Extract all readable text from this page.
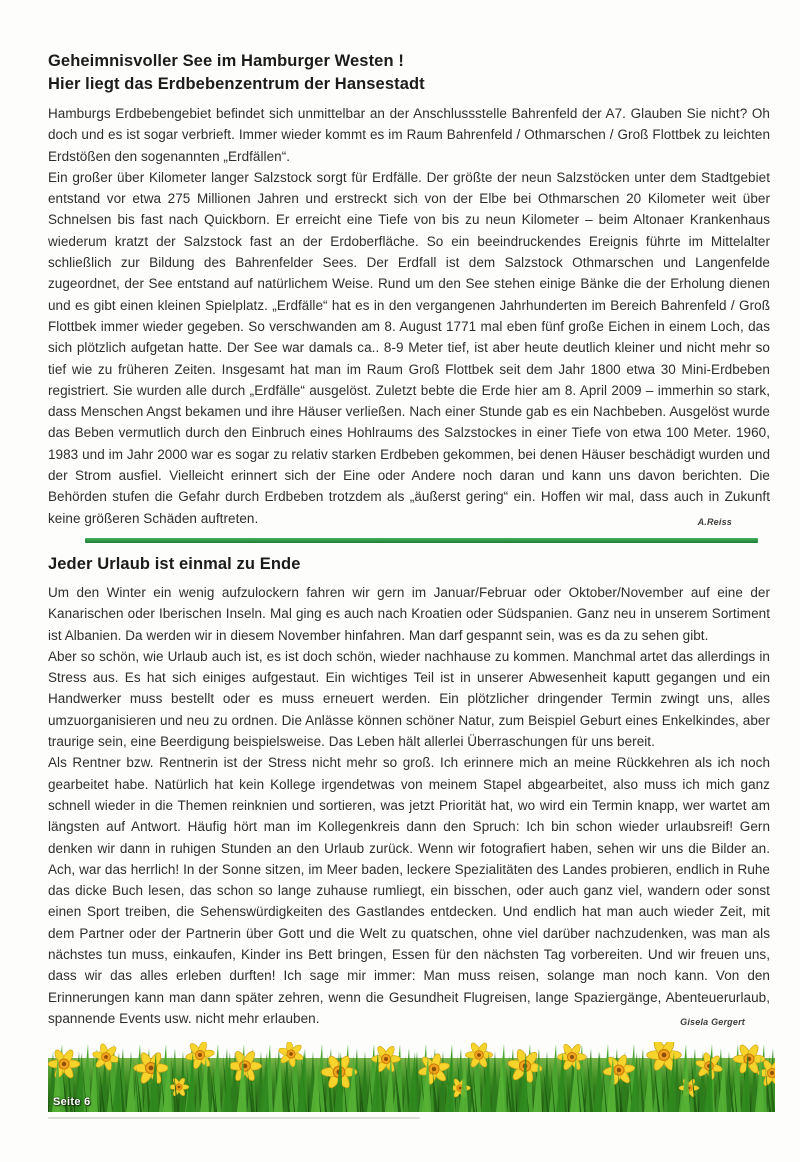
Geheimnisvoller See im Hamburger Westen !
Hier liegt das Erdbebenzentrum der Hansestadt

Hamburgs Erdbebengebiet befindet sich unmittelbar an der Anschlussstelle Bahrenfeld der A7. Glauben Sie nicht? Oh doch und es ist sogar verbrieft. Immer wieder kommt es im Raum Bahrenfeld / Othmarschen / Groß Flottbek zu leichten Erdstößen den sogenannten „Erdfällen“.

Ein großer über Kilometer langer Salzstock sorgt für Erdfälle. Der größte der neun Salzstöcken unter dem Stadtgebiet entstand vor etwa 275 Millionen Jahren und erstreckt sich von der Elbe bei Othmarschen 20 Kilometer weit über Schnelsen bis fast nach Quickborn. Er erreicht eine Tiefe von bis zu neun Kilometer – beim Altonaer Krankenhaus wiederum kratzt der Salzstock fast an der Erdoberfläche. So ein beeindruckendes Ereignis führte im Mittelalter schließlich zur Bildung des Bahrenfelder Sees. Der Erdfall ist dem Salzstock Othmarschen und Langenfelde zugeordnet, der See entstand auf natürlichem Weise. Rund um den See stehen einige Bänke die der Erholung dienen und es gibt einen kleinen Spielplatz. „Erdfälle“ hat es in den vergangenen Jahrhunderten im Bereich Bahrenfeld / Groß Flottbek immer wieder gegeben. So verschwanden am 8. August 1771 mal eben fünf große Eichen in einem Loch, das sich plötzlich aufgetan hatte. Der See war damals ca.. 8-9 Meter tief, ist aber heute deutlich kleiner und nicht mehr so tief wie zu früheren Zeiten. Insgesamt hat man im Raum Groß Flottbek seit dem Jahr 1800 etwa 30 Mini-Erdbeben registriert. Sie wurden alle durch „Erdfälle“ ausgelöst. Zuletzt bebte die Erde hier am 8. April 2009 – immerhin so stark, dass Menschen Angst bekamen und ihre Häuser verließen. Nach einer Stunde gab es ein Nachbeben. Ausgelöst wurde das Beben vermutlich durch den Einbruch eines Hohlraums des Salzstockes in einer Tiefe von etwa 100 Meter. 1960, 1983 und im Jahr 2000 war es sogar zu relativ starken Erdbeben gekommen, bei denen Häuser beschädigt wurden und der Strom ausfiel. Vielleicht erinnert sich der Eine oder Andere noch daran und kann uns davon berichten. Die Behörden stufen die Gefahr durch Erdbeben trotzdem als „äußerst gering“ ein. Hoffen wir mal, dass auch in Zukunft keine größeren Schäden auftreten.	A.Reiss
Jeder Urlaub ist einmal zu Ende

Um den Winter ein wenig aufzulockern fahren wir gern im Januar/Februar oder Oktober/November auf eine der Kanarischen oder Iberischen Inseln. Mal ging es auch nach Kroatien oder Südspanien. Ganz neu in unserem Sortiment ist Albanien. Da werden wir in diesem November hinfahren. Man darf gespannt sein, was es da zu sehen gibt.

Aber so schön, wie Urlaub auch ist, es ist doch schön, wieder nachhause zu kommen. Manchmal artet das allerdings in Stress aus. Es hat sich einiges aufgestaut. Ein wichtiges Teil ist in unserer Abwesenheit kaputt gegangen und ein Handwerker muss bestellt oder es muss erneuert werden. Ein plötzlicher dringender Termin zwingt uns, alles umzuorganisieren und neu zu ordnen. Die Anlässe können schöner Natur, zum Beispiel Geburt eines Enkelkindes, aber traurige sein, eine Beerdigung beispielsweise. Das Leben hält allerlei Überraschungen für uns bereit.

Als Rentner bzw. Rentnerin ist der Stress nicht mehr so groß. Ich erinnere mich an meine Rückkehren als ich noch gearbeitet habe. Natürlich hat kein Kollege irgendetwas von meinem Stapel abgearbeitet, also muss ich mich ganz schnell wieder in die Themen reinknien und sortieren, was jetzt Priorität hat, wo wird ein Termin knapp, wer wartet am längsten auf Antwort. Häufig hört man im Kollegenkreis dann den Spruch: Ich bin schon wieder urlaubsreif! Gern denken wir dann in ruhigen Stunden an den Urlaub zurück. Wenn wir fotografiert haben, sehen wir uns die Bilder an. Ach, war das herrlich! In der Sonne sitzen, im Meer baden, leckere Spezialitäten des Landes probieren, endlich in Ruhe das dicke Buch lesen, das schon so lange zuhause rumliegt, ein bisschen, oder auch ganz viel, wandern oder sonst einen Sport treiben, die Sehenswürdigkeiten des Gastlandes entdecken. Und endlich hat man auch wieder Zeit, mit dem Partner oder der Partnerin über Gott und die Welt zu quatschen, ohne viel darüber nachzudenken, was man als nächstes tun muss, einkaufen, Kinder ins Bett bringen, Essen für den nächsten Tag vorbereiten. Und wir freuen uns, dass wir das alles erleben durften! Ich sage mir immer: Man muss reisen, solange man noch kann. Von den Erinnerungen kann man dann später zehren, wenn die Gesundheit Flugreisen, lange Spaziergänge, Abenteuerurlaub, spannende Events usw. nicht mehr erlauben.	Gisela Gergert
Seite 6
